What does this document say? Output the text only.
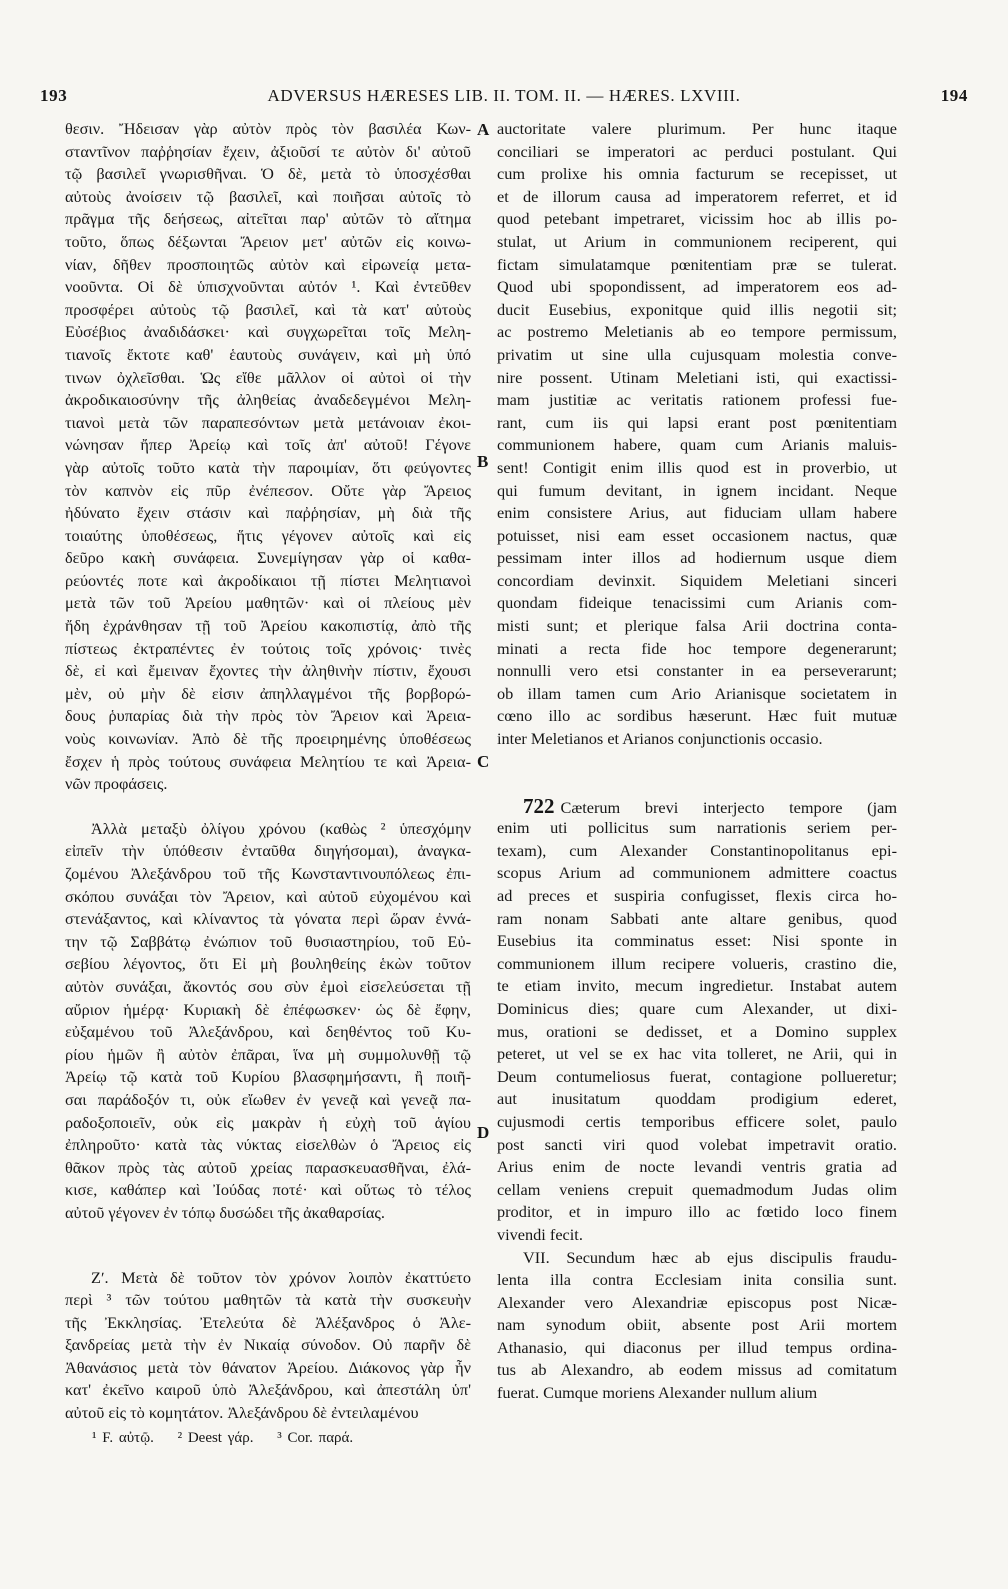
193	ADVERSUS HÆRESES LIB. II. TOM. II. — HÆRES. LXVIII.	194
A
B
C
D
θεσιν. Ἤδεισαν γὰρ αὐτὸν πρὸς τὸν βασιλέα Κων-
σταντῖνον παῤῥησίαν ἔχειν, ἀξιοῦσί τε αὐτὸν δι' αὐτοῦ
τῷ βασιλεῖ γνωρισθῆναι. Ὁ δὲ, μετὰ τὸ ὑποσχέσθαι
αὐτοὺς ἀνοίσειν τῷ βασιλεῖ, καὶ ποιῆσαι αὐτοῖς τὸ
πρᾶγμα τῆς δεήσεως, αἰτεῖται παρ' αὐτῶν τὸ αἴτημα
τοῦτο, ὅπως δέξωνται Ἄρειον μετ' αὐτῶν εἰς κοινω-
νίαν, δῆθεν προσποιητῶς αὐτὸν καὶ εἰρωνείᾳ μετα-
νοοῦντα. Οἱ δὲ ὑπισχνοῦνται αὐτόν ¹. Καὶ ἐντεῦθεν
προσφέρει αὐτοὺς τῷ βασιλεῖ, καὶ τὰ κατ' αὐτοὺς
Εὐσέβιος ἀναδιδάσκει· καὶ συγχωρεῖται τοῖς Μελη-
τιανοῖς ἔκτοτε καθ' ἑαυτοὺς συνάγειν, καὶ μὴ ὑπό
τινων ὀχλεῖσθαι. Ὡς εἴθε μᾶλλον οἱ αὐτοὶ οἱ τὴν
ἀκροδικαιοσύνην τῆς ἀληθείας ἀναδεδεγμένοι Μελη-
τιανοὶ μετὰ τῶν παραπεσόντων μετὰ μετάνοιαν ἐκοι-
νώνησαν ἤπερ Ἀρείῳ καὶ τοῖς ἀπ' αὐτοῦ! Γέγονε
γὰρ αὐτοῖς τοῦτο κατὰ τὴν παροιμίαν, ὅτι φεύγοντες
τὸν καπνὸν εἰς πῦρ ἐνέπεσον. Οὔτε γὰρ Ἄρειος
ἠδύνατο ἔχειν στάσιν καὶ παῤῥησίαν, μὴ διὰ τῆς
τοιαύτης ὑποθέσεως, ἥτις γέγονεν αὐτοῖς καὶ εἰς
δεῦρο κακὴ συνάφεια. Συνεμίγησαν γὰρ οἱ καθα-
ρεύοντές ποτε καὶ ἀκροδίκαιοι τῇ πίστει Μελητιανοὶ
μετὰ τῶν τοῦ Ἀρείου μαθητῶν· καὶ οἱ πλείους μὲν
ἤδη ἐχράνθησαν τῇ τοῦ Ἀρείου κακοπιστίᾳ, ἀπὸ τῆς
πίστεως ἐκτραπέντες ἐν τούτοις τοῖς χρόνοις· τινὲς
δὲ, εἰ καὶ ἔμειναν ἔχοντες τὴν ἀληθινὴν πίστιν, ἔχουσι
μὲν, οὐ μὴν δὲ εἰσιν ἀπηλλαγμένοι τῆς βορβορώ-
δους ῥυπαρίας διὰ τὴν πρὸς τὸν Ἄρειον καὶ Ἀρεια-
νοὺς κοινωνίαν. Ἀπὸ δὲ τῆς προειρημένης ὑποθέσεως
ἔσχεν ἡ πρὸς τούτους συνάφεια Μελητίου τε καὶ Ἀρεια-
νῶν προφάσεις.
Ἀλλὰ μεταξὺ ὀλίγου χρόνου (καθὼς ² ὑπεσχόμην
εἰπεῖν τὴν ὑπόθεσιν ἐνταῦθα διηγήσομαι), ἀναγκα-
ζομένου Ἀλεξάνδρου τοῦ τῆς Κωνσταντινουπόλεως ἐπι-
σκόπου συνάξαι τὸν Ἄρειον, καὶ αὐτοῦ εὐχομένου καὶ
στενάξαντος, καὶ κλίναντος τὰ γόνατα περὶ ὥραν ἐννά-
την τῷ Σαββάτῳ ἐνώπιον τοῦ θυσιαστηρίου, τοῦ Εὐ-
σεβίου λέγοντος, ὅτι Εἰ μὴ βουληθείης ἑκὼν τοῦτον
αὐτὸν συνάξαι, ἄκοντός σου σὺν ἐμοὶ εἰσελεύσεται τῇ
αὔριον ἡμέρᾳ· Κυριακὴ δὲ ἐπέφωσκεν· ὡς δὲ ἔφην,
εὐξαμένου τοῦ Ἀλεξάνδρου, καὶ δεηθέντος τοῦ Κυ-
ρίου ἡμῶν ἢ αὐτὸν ἐπᾶραι, ἵνα μὴ συμμολυνθῇ τῷ
Ἀρείῳ τῷ κατὰ τοῦ Κυρίου βλασφημήσαντι, ἢ ποιῆ-
σαι παράδοξόν τι, οὐκ εἴωθεν ἐν γενεᾷ καὶ γενεᾷ πα-
ραδοξοποιεῖν, οὐκ εἰς μακρὰν ἡ εὐχὴ τοῦ ἁγίου
ἐπληροῦτο· κατὰ τὰς νύκτας εἰσελθὼν ὁ Ἄρειος εἰς
θᾶκον πρὸς τὰς αὐτοῦ χρείας παρασκευασθῆναι, ἐλά-
κισε, καθάπερ καὶ Ἰούδας ποτέ· καὶ οὕτως τὸ τέλος
αὐτοῦ γέγονεν ἐν τόπῳ δυσώδει τῆς ἀκαθαρσίας.
Ζʹ. Μετὰ δὲ τοῦτον τὸν χρόνον λοιπὸν ἐκαττύετο
περὶ ³ τῶν τούτου μαθητῶν τὰ κατὰ τὴν συσκευὴν
τῆς Ἐκκλησίας. Ἐτελεύτα δὲ Ἀλέξανδρος ὁ Ἀλε-
ξανδρείας μετὰ τὴν ἐν Νικαίᾳ σύνοδον. Οὐ παρῆν δὲ
Ἀθανάσιος μετὰ τὸν θάνατον Ἀρείου. Διάκονος γὰρ ἦν
κατ' ἐκεῖνο καιροῦ ὑπὸ Ἀλεξάνδρου, καὶ ἀπεστάλη ὑπ'
αὐτοῦ εἰς τὸ κομητάτον. Ἀλεξάνδρου δὲ ἐντειλαμένου
auctoritate valere plurimum. Per hunc itaque
conciliari se imperatori ac perduci postulant. Qui
cum prolixe his omnia facturum se recepisset, ut
et de illorum causa ad imperatorem referret, et id
quod petebant impetraret, vicissim hoc ab illis po-
stulat, ut Arium in communionem reciperent, qui
fictam simulatamque pœnitentiam præ se tulerat.
Quod ubi spopondissent, ad imperatorem eos ad-
ducit Eusebius, exponitque quid illis negotii sit;
ac postremo Meletianis ab eo tempore permissum,
privatim ut sine ulla cujusquam molestia conve-
nire possent. Utinam Meletiani isti, qui exactissi-
mam justitiæ ac veritatis rationem professi fue-
rant, cum iis qui lapsi erant post pœnitentiam
communionem habere, quam cum Arianis maluis-
sent! Contigit enim illis quod est in proverbio, ut
qui fumum devitant, in ignem incidant. Neque
enim consistere Arius, aut fiduciam ullam habere
potuisset, nisi eam esset occasionem nactus, quæ
pessimam inter illos ad hodiernum usque diem
concordiam devinxit. Siquidem Meletiani sinceri
quondam fideique tenacissimi cum Arianis com-
misti sunt; et plerique falsa Arii doctrina conta-
minati a recta fide hoc tempore degenerarunt;
nonnulli vero etsi constanter in ea perseverarunt;
ob illam tamen cum Ario Arianisque societatem in
cœno illo ac sordibus hæserunt. Hæc fuit mutuæ
inter Meletianos et Arianos conjunctionis occasio.
722 Cæterum brevi interjecto tempore (jam
enim uti pollicitus sum narrationis seriem per-
texam), cum Alexander Constantinopolitanus epi-
scopus Arium ad communionem admittere coactus
ad preces et suspiria confugisset, flexis circa ho-
ram nonam Sabbati ante altare genibus, quod
Eusebius ita comminatus esset: Nisi sponte in
communionem illum recipere volueris, crastino die,
te etiam invito, mecum ingredietur. Instabat autem
Dominicus dies; quare cum Alexander, ut dixi-
mus, orationi se dedisset, et a Domino supplex
peteret, ut vel se ex hac vita tolleret, ne Arii, qui in
Deum contumeliosus fuerat, contagione pollueretur;
aut inusitatum quoddam prodigium ederet,
cujusmodi certis temporibus efficere solet, paulo
post sancti viri quod volebat impetravit oratio.
Arius enim de nocte levandi ventris gratia ad
cellam veniens crepuit quemadmodum Judas olim
proditor, et in impuro illo ac fœtido loco finem
vivendi fecit.
VII. Secundum hæc ab ejus discipulis fraudu-
lenta illa contra Ecclesiam inita consilia sunt.
Alexander vero Alexandriæ episcopus post Nicæ-
nam synodum obiit, absente post Arii mortem
Athanasio, qui diaconus per illud tempus ordina-
tus ab Alexandro, ab eodem missus ad comitatum
fuerat. Cumque moriens Alexander nullum alium
¹ F. αὐτῷ. ² Deest γάρ. ³ Cor. παρά.
